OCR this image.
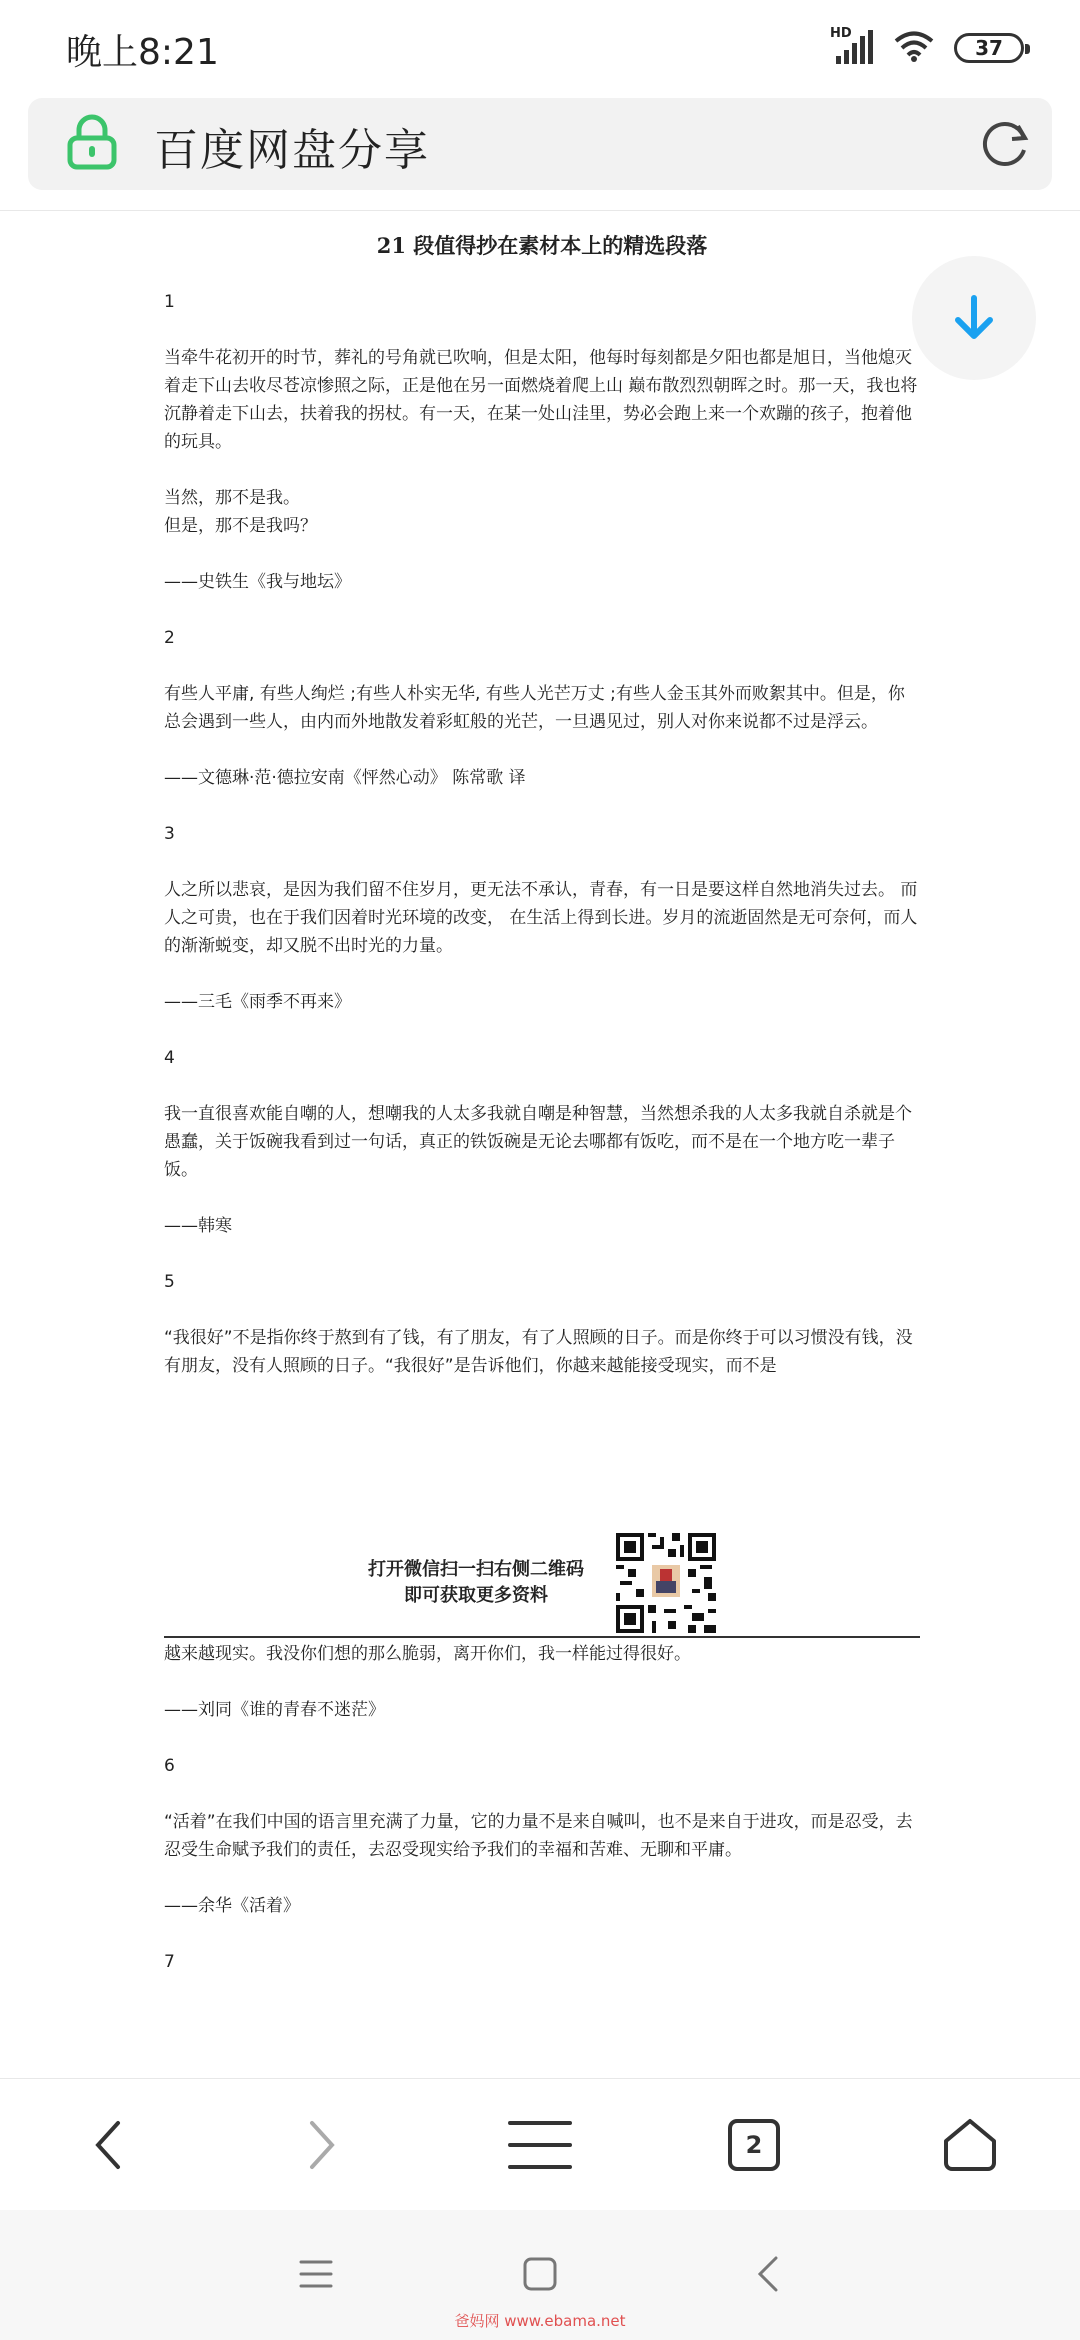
晚上8:21	HD
37
百度网盘分享
21 段值得抄在素材本上的精选段落

1

当牵牛花初开的时节，葬礼的号角就已吹响，但是太阳，他每时每刻都是夕阳也都是旭日，当他熄灭着走下山去收尽苍凉惨照之际，正是他在另一面燃烧着爬上山 巅布散烈烈朝晖之时。那一天，我也将沉静着走下山去，扶着我的拐杖。有一天，在某一处山洼里，势必会跑上来一个欢蹦的孩子，抱着他的玩具。

当然，那不是我。
但是，那不是我吗？

——史铁生《我与地坛》

2

有些人平庸, 有些人绚烂 ;有些人朴实无华, 有些人光芒万丈 ;有些人金玉其外而败絮其中。但是，你总会遇到一些人，由内而外地散发着彩虹般的光芒，一旦遇见过，别人对你来说都不过是浮云。

——文德琳·范·德拉安南《怦然心动》 陈常歌 译

3

人之所以悲哀，是因为我们留不住岁月，更无法不承认，青春，有一日是要这样自然地消失过去。 而人之可贵，也在于我们因着时光环境的改变， 在生活上得到长进。岁月的流逝固然是无可奈何，而人的渐渐蜕变，却又脱不出时光的力量。

——三毛《雨季不再来》

4

我一直很喜欢能自嘲的人，想嘲我的人太多我就自嘲是种智慧，当然想杀我的人太多我就自杀就是个愚蠢，关于饭碗我看到过一句话，真正的铁饭碗是无论去哪都有饭吃，而不是在一个地方吃一辈子饭。

——韩寒

5

“我很好”不是指你终于熬到有了钱，有了朋友，有了人照顾的日子。而是你终于可以习惯没有钱，没有朋友，没有人照顾的日子。“我很好”是告诉他们，你越来越能接受现实，而不是

打开微信扫一扫右侧二维码
即可获取更多资料

越来越现实。我没你们想的那么脆弱，离开你们，我一样能过得很好。

——刘同《谁的青春不迷茫》

6

“活着”在我们中国的语言里充满了力量，它的力量不是来自喊叫，也不是来自于进攻，而是忍受，去忍受生命赋予我们的责任，去忍受现实给予我们的幸福和苦难、无聊和平庸。

——余华《活着》

7

2
爸妈网 www.ebama.net
